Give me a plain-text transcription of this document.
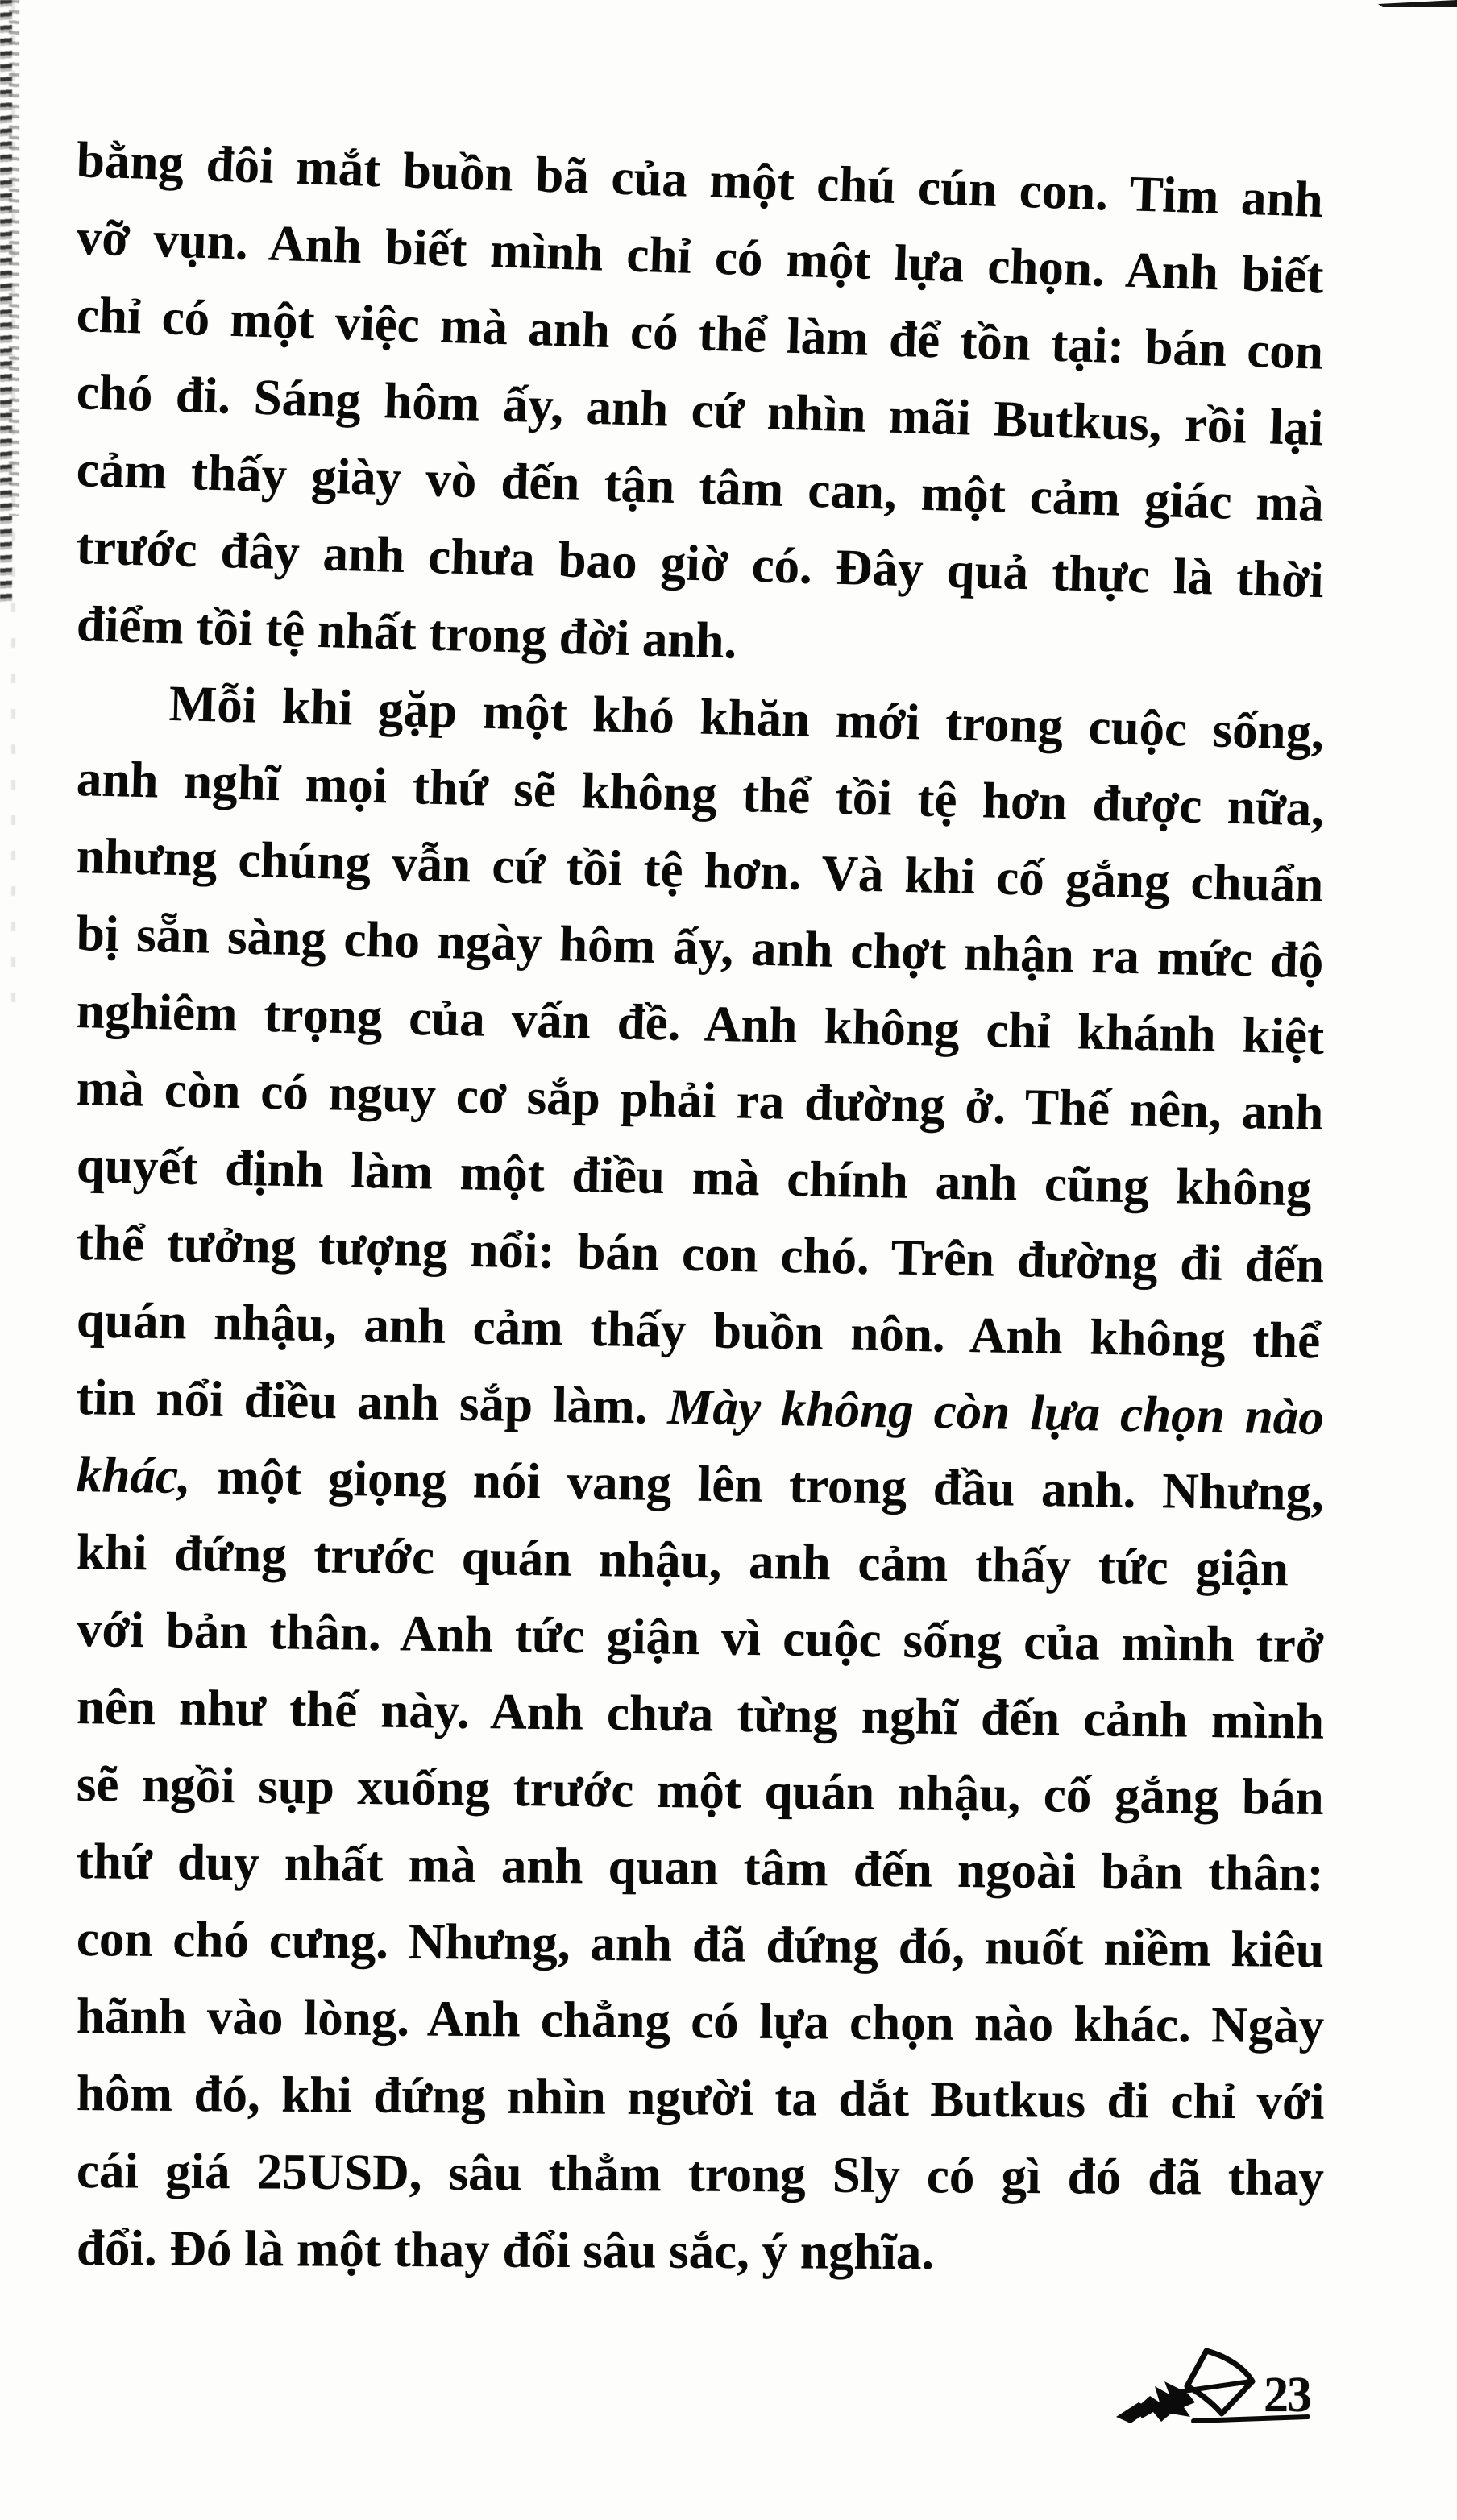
bằng đôi mắt buồn bã của một chú cún con. Tim anh
vỡ vụn. Anh biết mình chỉ có một lựa chọn. Anh biết
chỉ có một việc mà anh có thể làm để tồn tại: bán con
chó đi. Sáng hôm ấy, anh cứ nhìn mãi Butkus, rồi lại
cảm thấy giày vò đến tận tâm can, một cảm giác mà
trước đây anh chưa bao giờ có. Đây quả thực là thời
điểm tồi tệ nhất trong đời anh.
Mỗi khi gặp một khó khăn mới trong cuộc sống,
anh nghĩ mọi thứ sẽ không thể tồi tệ hơn được nữa,
nhưng chúng vẫn cứ tồi tệ hơn. Và khi cố gắng chuẩn
bị sẵn sàng cho ngày hôm ấy, anh chợt nhận ra mức độ
nghiêm trọng của vấn đề. Anh không chỉ khánh kiệt
mà còn có nguy cơ sắp phải ra đường ở. Thế nên, anh
quyết định làm một điều mà chính anh cũng không
thể tưởng tượng nổi: bán con chó. Trên đường đi đến
quán nhậu, anh cảm thấy buồn nôn. Anh không thể
tin nổi điều anh sắp làm. Mày không còn lựa chọn nào
khác, một giọng nói vang lên trong đầu anh. Nhưng,
khi đứng trước quán nhậu, anh cảm thấy tức giận
với bản thân. Anh tức giận vì cuộc sống của mình trở
nên như thế này. Anh chưa từng nghĩ đến cảnh mình
sẽ ngồi sụp xuống trước một quán nhậu, cố gắng bán
thứ duy nhất mà anh quan tâm đến ngoài bản thân:
con chó cưng. Nhưng, anh đã đứng đó, nuốt niềm kiêu
hãnh vào lòng. Anh chẳng có lựa chọn nào khác. Ngày
hôm đó, khi đứng nhìn người ta dắt Butkus đi chỉ với
cái giá 25USD, sâu thẳm trong Sly có gì đó đã thay
đổi. Đó là một thay đổi sâu sắc, ý nghĩa.
23
